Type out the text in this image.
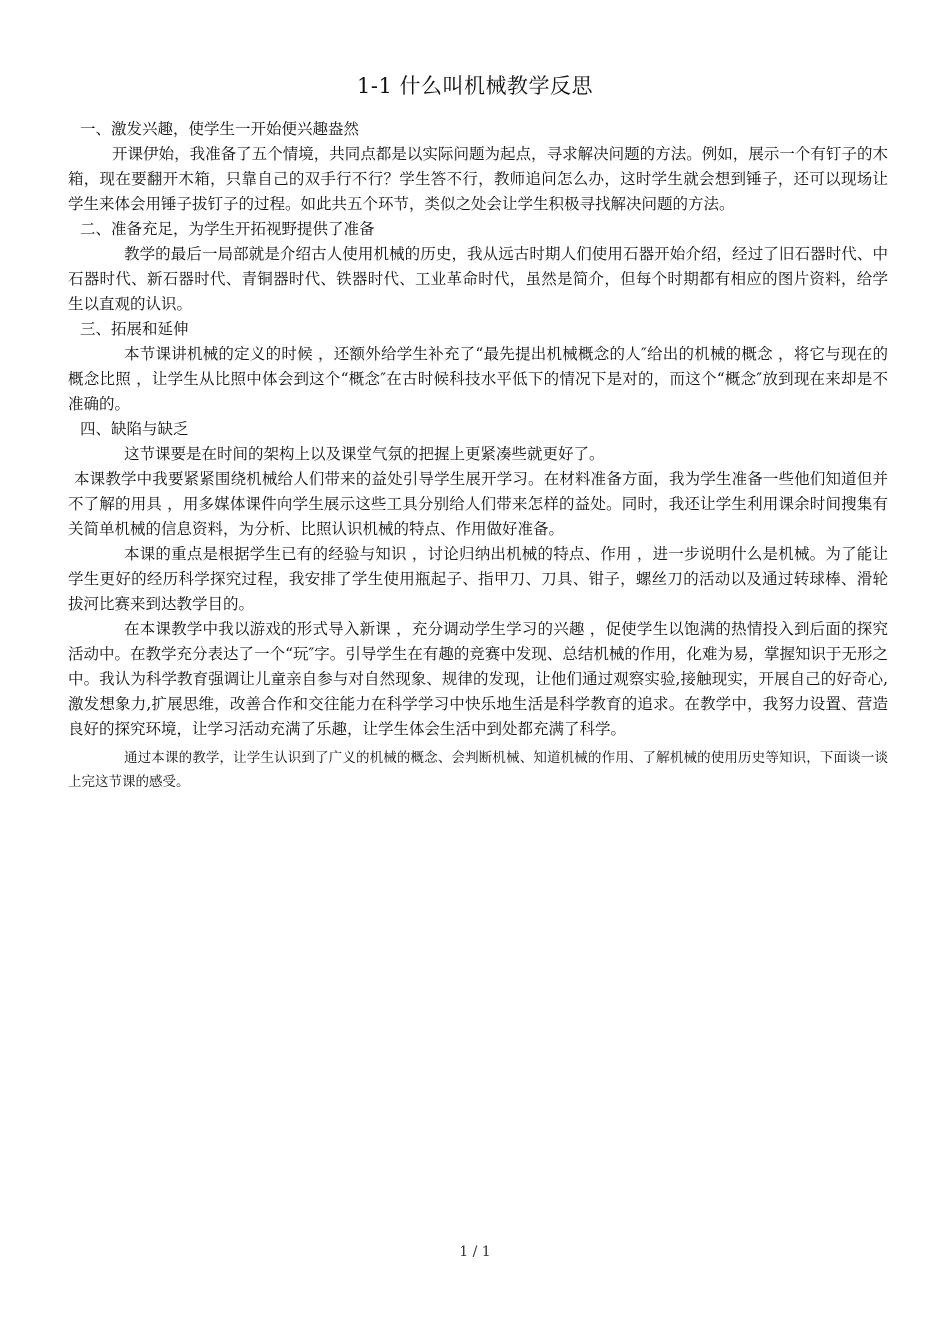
1-1 什么叫机械教学反思

一、激发兴趣，使学生一开始便兴趣盎然

开课伊始，我准备了五个情境，共同点都是以实际问题为起点，寻求解决问题的方法。例如，展示一个有钉子的木箱，现在要翻开木箱，只靠自己的双手行不行？学生答不行，教师追问怎么办，这时学生就会想到锤子，还可以现场让学生来体会用锤子拔钉子的过程。如此共五个环节，类似之处会让学生积极寻找解决问题的方法。

二、准备充足，为学生开拓视野提供了准备

教学的最后一局部就是介绍古人使用机械的历史，我从远古时期人们使用石器开始介绍，经过了旧石器时代、中石器时代、新石器时代、青铜器时代、铁器时代、工业革命时代，虽然是简介，但每个时期都有相应的图片资料，给学生以直观的认识。

三、拓展和延伸

本节课讲机械的定义的时候 ，还额外给学生补充了“最先提出机械概念的人″给出的机械的概念 ，将它与现在的概念比照 ，让学生从比照中体会到这个“概念″在古时候科技水平低下的情况下是对的，而这个“概念″放到现在来却是不准确的。

四、缺陷与缺乏

这节课要是在时间的架构上以及课堂气氛的把握上更紧凑些就更好了。

本课教学中我要紧紧围绕机械给人们带来的益处引导学生展开学习。在材料准备方面，我为学生准备一些他们知道但并不了解的用具 ，用多媒体课件向学生展示这些工具分别给人们带来怎样的益处。同时，我还让学生利用课余时间搜集有关简单机械的信息资料，为分析、比照认识机械的特点、作用做好准备。

本课的重点是根据学生已有的经验与知识 ，讨论归纳出机械的特点、作用 ，进一步说明什么是机械。为了能让学生更好的经历科学探究过程，我安排了学生使用瓶起子、指甲刀、刀具、钳子，螺丝刀的活动以及通过转球棒、滑轮拔河比赛来到达教学目的。

在本课教学中我以游戏的形式导入新课 ，充分调动学生学习的兴趣 ，促使学生以饱满的热情投入到后面的探究活动中。在教学充分表达了一个“玩″字。引导学生在有趣的竞赛中发现、总结机械的作用，化难为易，掌握知识于无形之中。我认为科学教育强调让儿童亲自参与对自然现象、规律的发现，让他们通过观察实验,接触现实，开展自己的好奇心,激发想象力,扩展思维，改善合作和交往能力在科学学习中快乐地生活是科学教育的追求。在教学中，我努力设置、营造良好的探究环境，让学习活动充满了乐趣，让学生体会生活中到处都充满了科学。

通过本课的教学，让学生认识到了广义的机械的概念、会判断机械、知道机械的作用、了解机械的使用历史等知识，下面谈一谈上完这节课的感受。

1 / 1
